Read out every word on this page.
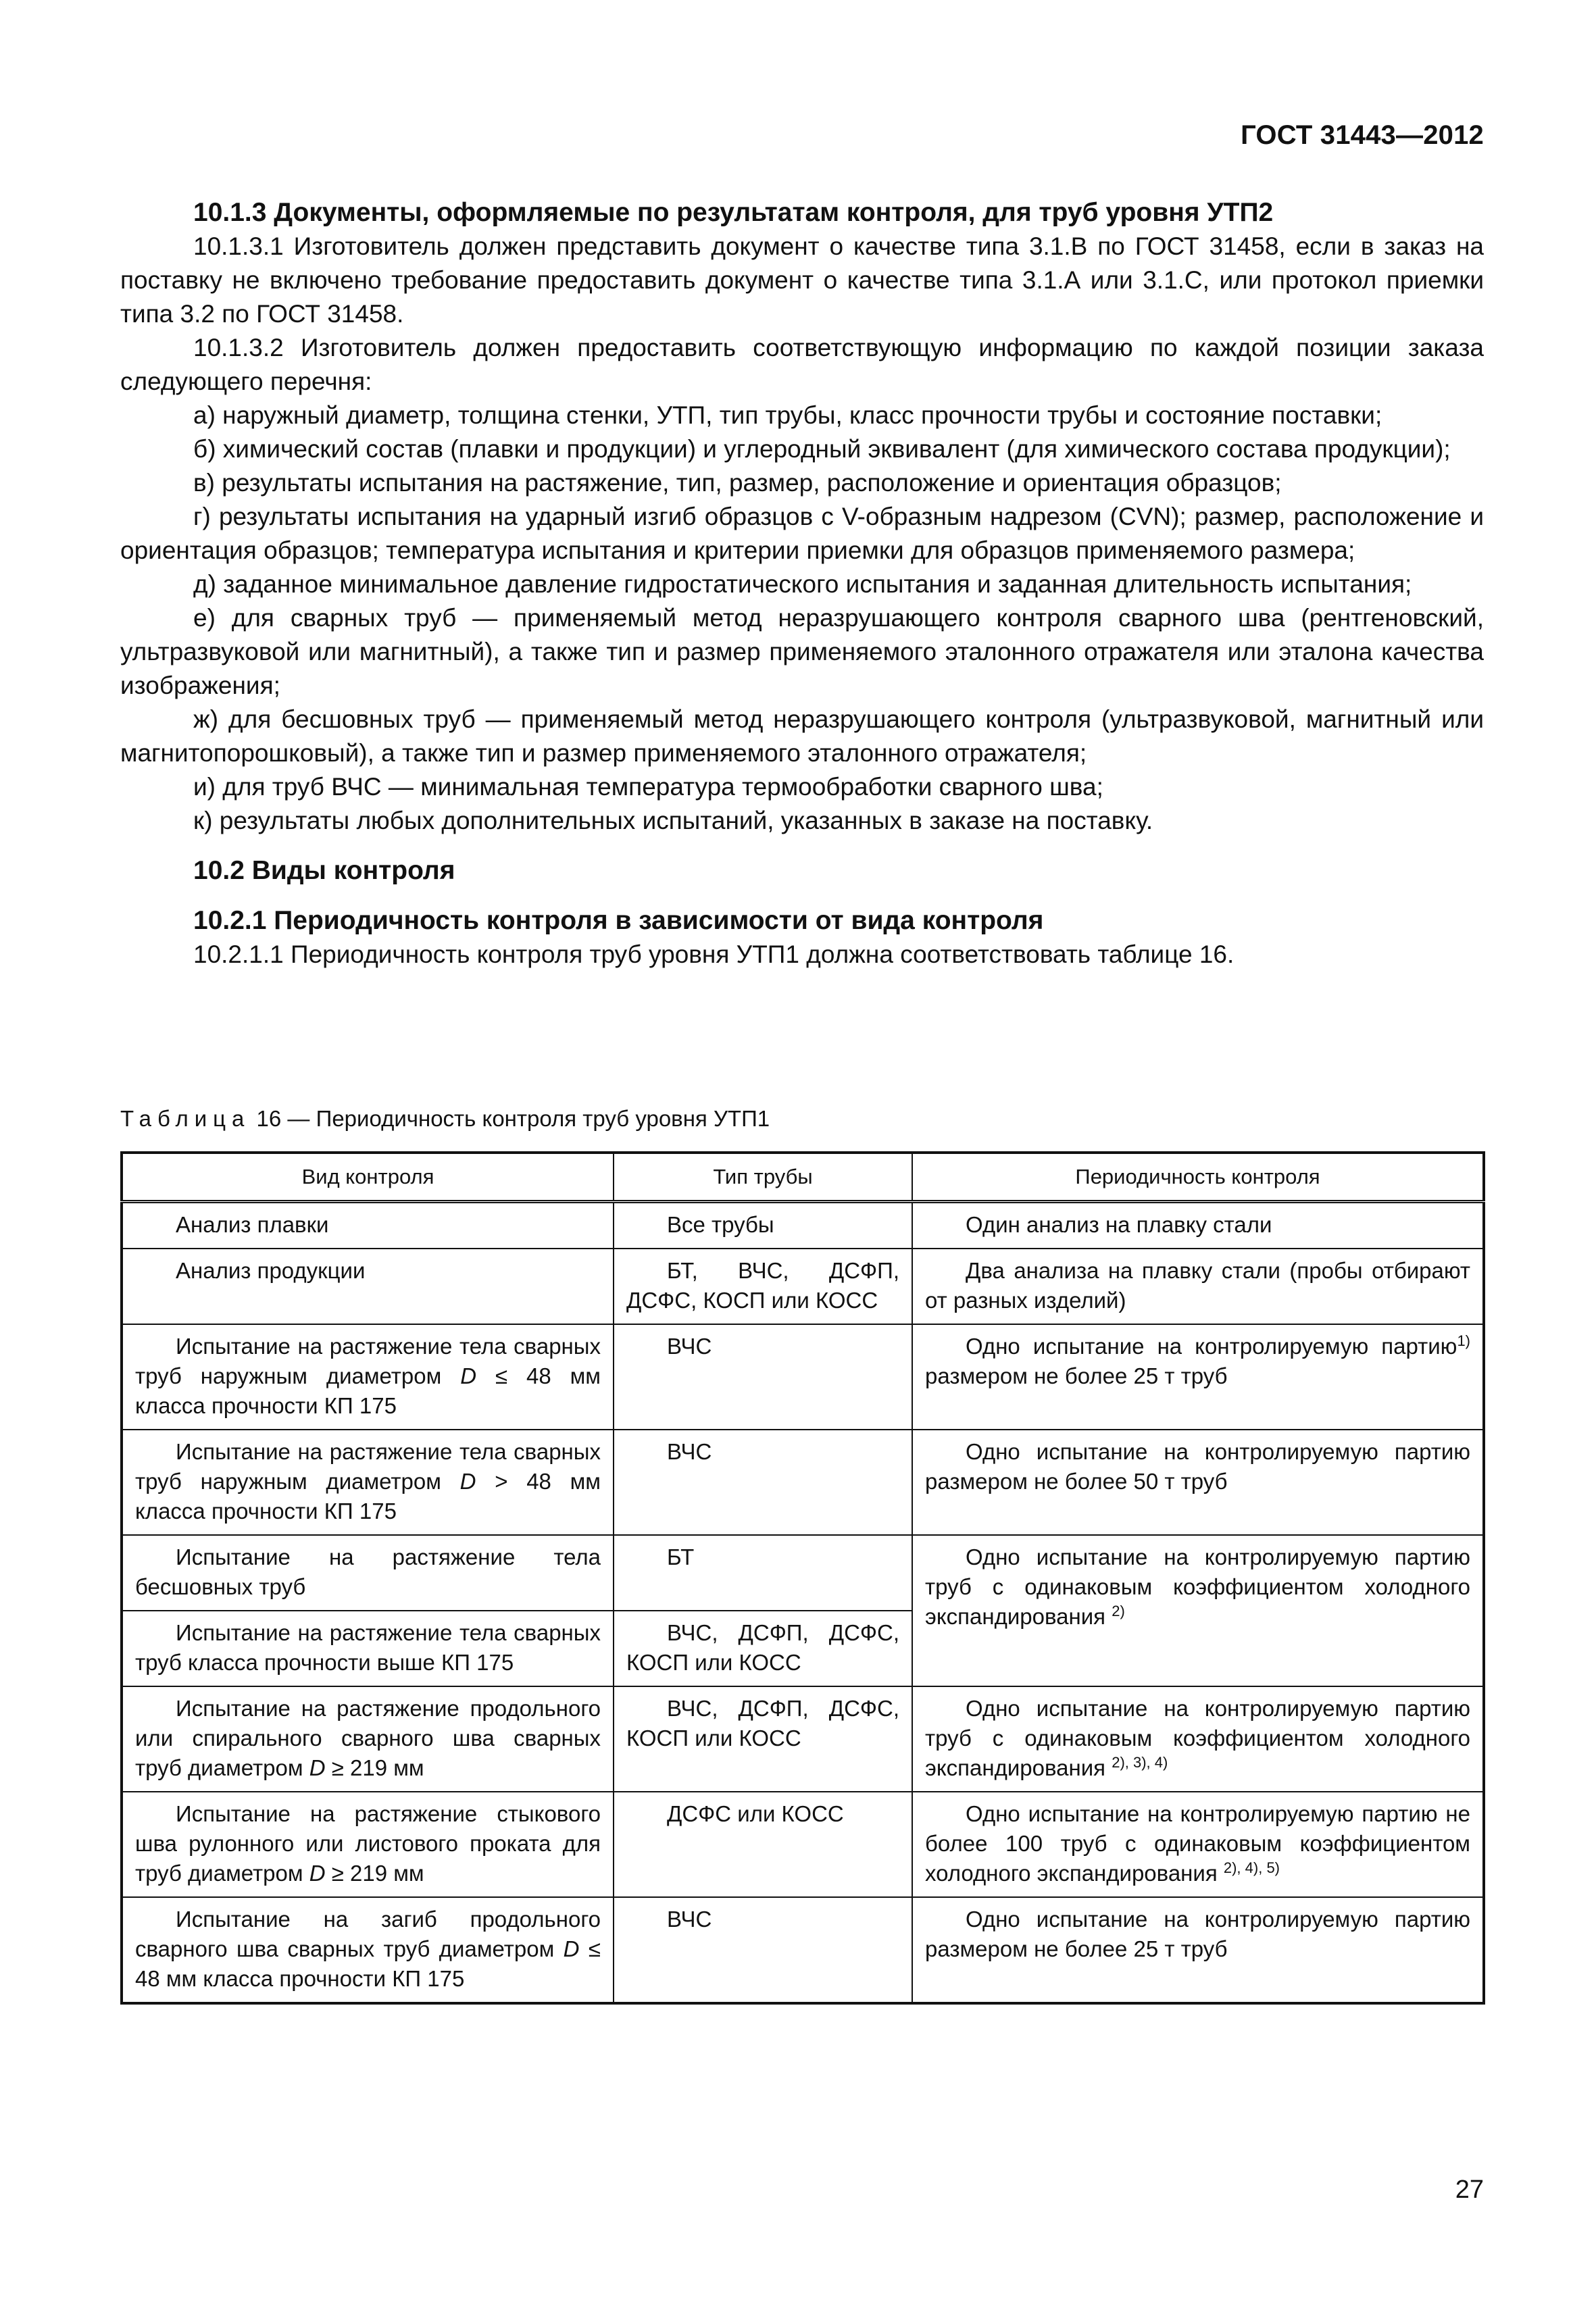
ГОСТ 31443—2012

10.1.3 Документы, оформляемые по результатам контроля, для труб уровня УТП2

10.1.3.1 Изготовитель должен представить документ о качестве типа 3.1.В по ГОСТ 31458, если в заказ на поставку не включено требование предоставить документ о качестве типа 3.1.А или 3.1.С, или протокол приемки типа 3.2 по ГОСТ 31458.

10.1.3.2 Изготовитель должен предоставить соответствующую информацию по каждой позиции заказа следующего перечня:

а) наружный диаметр, толщина стенки, УТП, тип трубы, класс прочности трубы и состояние поставки;

б) химический состав (плавки и продукции) и углеродный эквивалент (для химического состава продукции);

в) результаты испытания на растяжение, тип, размер, расположение и ориентация образцов;

г) результаты испытания на ударный изгиб образцов с V-образным надрезом (CVN); размер, расположение и ориентация образцов; температура испытания и критерии приемки для образцов применяемого размера;

д) заданное минимальное давление гидростатического испытания и заданная длительность испытания;

е) для сварных труб — применяемый метод неразрушающего контроля сварного шва (рентгеновский, ультразвуковой или магнитный), а также тип и размер применяемого эталонного отражателя или эталона качества изображения;

ж) для бесшовных труб — применяемый метод неразрушающего контроля (ультразвуковой, магнитный или магнитопорошковый), а также тип и размер применяемого эталонного отражателя;

и) для труб ВЧС — минимальная температура термообработки сварного шва;

к) результаты любых дополнительных испытаний, указанных в заказе на поставку.

10.2 Виды контроля

10.2.1 Периодичность контроля в зависимости от вида контроля

10.2.1.1 Периодичность контроля труб уровня УТП1 должна соответствовать таблице 16.

Таблица 16 — Периодичность контроля труб уровня УТП1
Вид контроля	Тип трубы	Периодичность контроля

Анализ плавки	Все трубы	Один анализ на плавку стали

Анализ продукции	БТ, ВЧС, ДСФП, ДСФС, КОСП или КОСС	Два анализа на плавку стали (пробы отбирают от разных изделий)

Испытание на растяжение тела сварных труб наружным диаметром D ≤ 48 мм класса прочности КП 175	ВЧС	Одно испытание на контролируемую партию$^{1)}$ размером не более 25 т труб

Испытание на растяжение тела сварных труб наружным диаметром D > 48 мм класса прочности КП 175	ВЧС	Одно испытание на контролируемую партию размером не более 50 т труб

Испытание на растяжение тела бесшовных труб	БТ	Одно испытание на контролируемую партию труб с одинаковым коэффициентом холодного экспандирования $^{2)}$

Испытание на растяжение тела сварных труб класса прочности выше КП 175	ВЧС, ДСФП, ДСФС, КОСП или КОСС	

Испытание на растяжение продольного или спирального сварного шва сварных труб диаметром D ≥ 219 мм	ВЧС, ДСФП, ДСФС, КОСП или КОСС	Одно испытание на контролируемую партию труб с одинаковым коэффициентом холодного экспандирования $^{2), 3), 4)}$

Испытание на растяжение стыкового шва рулонного или листового проката для труб диаметром D ≥ 219 мм	ДСФС или КОСС	Одно испытание на контролируемую партию не более 100 труб с одинаковым коэффициентом холодного экспандирования $^{2), 4), 5)}$

Испытание на загиб продольного сварного шва сварных труб диаметром D ≤ 48 мм класса прочности КП 175	ВЧС	Одно испытание на контролируемую партию размером не более 25 т труб
27
